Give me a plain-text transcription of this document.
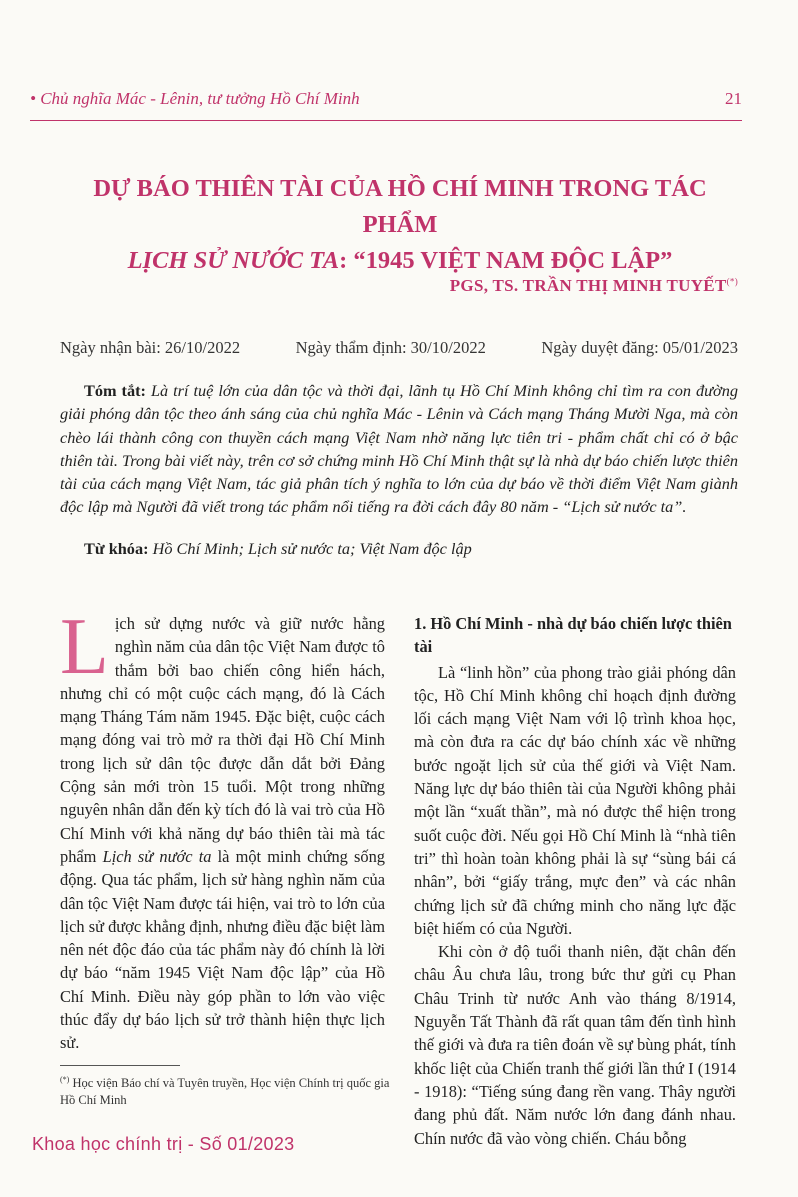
• Chủ nghĩa Mác - Lênin, tư tưởng Hồ Chí Minh	21
DỰ BÁO THIÊN TÀI CỦA HỒ CHÍ MINH TRONG TÁC PHẨM
LỊCH SỬ NƯỚC TA: “1945 VIỆT NAM ĐỘC LẬP”
PGS, TS. TRẦN THỊ MINH TUYẾT(*)
Ngày nhận bài: 26/10/2022	Ngày thẩm định: 30/10/2022	Ngày duyệt đăng: 05/01/2023
Tóm tắt: Là trí tuệ lớn của dân tộc và thời đại, lãnh tụ Hồ Chí Minh không chỉ tìm ra con đường giải phóng dân tộc theo ánh sáng của chủ nghĩa Mác - Lênin và Cách mạng Tháng Mười Nga, mà còn chèo lái thành công con thuyền cách mạng Việt Nam nhờ năng lực tiên tri - phẩm chất chỉ có ở bậc thiên tài. Trong bài viết này, trên cơ sở chứng minh Hồ Chí Minh thật sự là nhà dự báo chiến lược thiên tài của cách mạng Việt Nam, tác giả phân tích ý nghĩa to lớn của dự báo về thời điểm Việt Nam giành độc lập mà Người đã viết trong tác phẩm nổi tiếng ra đời cách đây 80 năm - “Lịch sử nước ta”.
Từ khóa: Hồ Chí Minh; Lịch sử nước ta; Việt Nam độc lập

Lịch sử dựng nước và giữ nước hằng nghìn năm của dân tộc Việt Nam được tô thắm bởi bao chiến công hiển hách, nhưng chỉ có một cuộc cách mạng, đó là Cách mạng Tháng Tám năm 1945. Đặc biệt, cuộc cách mạng đóng vai trò mở ra thời đại Hồ Chí Minh trong lịch sử dân tộc được dẫn dắt bởi Đảng Cộng sản mới tròn 15 tuổi. Một trong những nguyên nhân dẫn đến kỳ tích đó là vai trò của Hồ Chí Minh với khả năng dự báo thiên tài mà tác phẩm Lịch sử nước ta là một minh chứng sống động. Qua tác phẩm, lịch sử hàng nghìn năm của dân tộc Việt Nam được tái hiện, vai trò to lớn của lịch sử được khẳng định, nhưng điều đặc biệt làm nên nét độc đáo của tác phẩm này đó chính là lời dự báo “năm 1945 Việt Nam độc lập” của Hồ Chí Minh. Điều này góp phần to lớn vào việc thúc đẩy dự báo lịch sử trở thành hiện thực lịch sử.

1. Hồ Chí Minh - nhà dự báo chiến lược thiên tài

Là “linh hồn” của phong trào giải phóng dân tộc, Hồ Chí Minh không chỉ hoạch định đường lối cách mạng Việt Nam với lộ trình khoa học, mà còn đưa ra các dự báo chính xác về những bước ngoặt lịch sử của thế giới và Việt Nam. Năng lực dự báo thiên tài của Người không phải một lần “xuất thần”, mà nó được thể hiện trong suốt cuộc đời. Nếu gọi Hồ Chí Minh là “nhà tiên tri” thì hoàn toàn không phải là sự “sùng bái cá nhân”, bởi “giấy trắng, mực đen” và các nhân chứng lịch sử đã chứng minh cho năng lực đặc biệt hiếm có của Người.

Khi còn ở độ tuổi thanh niên, đặt chân đến châu Âu chưa lâu, trong bức thư gửi cụ Phan Châu Trinh từ nước Anh vào tháng 8/1914, Nguyễn Tất Thành đã rất quan tâm đến tình hình thế giới và đưa ra tiên đoán về sự bùng phát, tính khốc liệt của Chiến tranh thế giới lần thứ I (1914 - 1918): “Tiếng súng đang rền vang. Thây người đang phủ đất. Năm nước lớn đang đánh nhau. Chín nước đã vào vòng chiến. Cháu bỗng

(*) Học viện Báo chí và Tuyên truyền, Học viện Chính trị quốc gia Hồ Chí Minh
Khoa học chính trị - Số 01/2023
